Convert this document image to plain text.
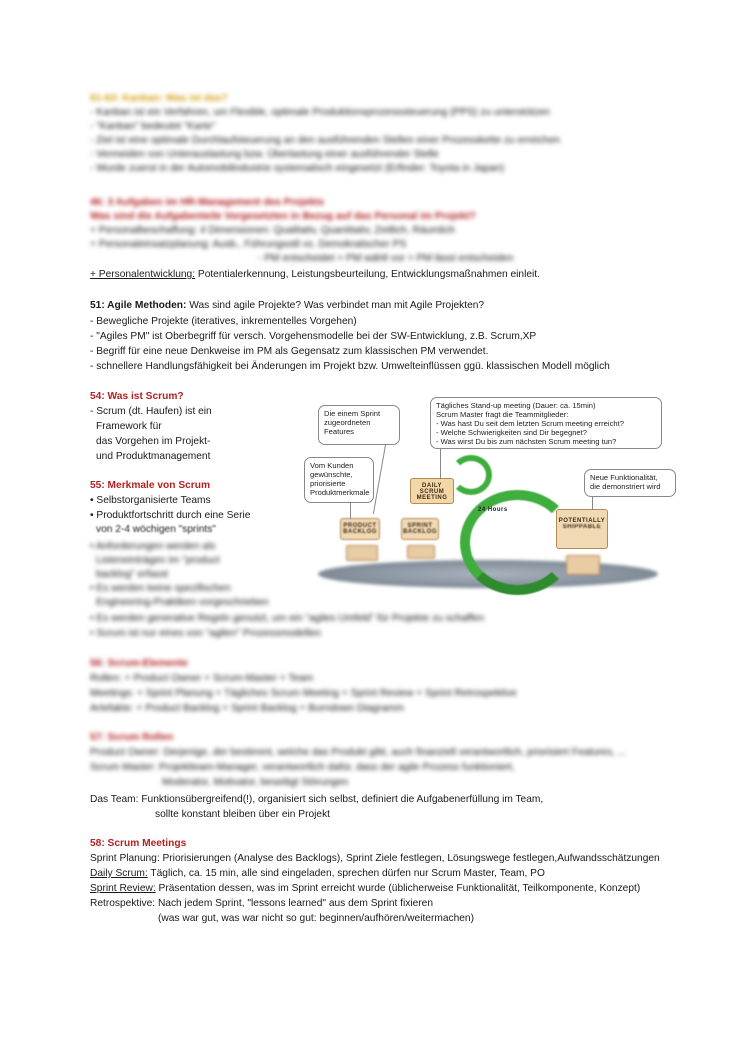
61-63: Kanban: Was ist das?
- Kanban ist ein Verfahren, um Flexible, optimale Produktionsprozesssteuerung (PPS) zu unterstützen
- "Kanban" bedeutet "Karte"
- Ziel ist eine optimale Durchlaufsteuerung an den ausführenden Stellen einer Prozesskette zu erreichen
- Vermeiden von Unterauslastung bzw. Überlastung einer ausführender Stelle
- Wurde zuerst in der Automobilindustrie systematisch eingesetzt (Erfinder: Toyota in Japan)
46: 3 Aufgaben im HR-Management des Projekts
Was sind die Aufgabenteile Vorgesetzten in Bezug auf das Personal im Projekt?
+ Personalbeschaffung: 4 Dimensionen: Qualitativ, Quantitativ, Zeitlich, Räumlich
+ Personaleinsatzplanung: Ausb., Führungsstil vs. Demokratischer PS
- PM entscheidet > PM wählt vor > PM lässt entscheiden
+ Personalentwicklung: Potentialerkennung, Leistungsbeurteilung, Entwicklungsmaßnahmen einleit.
51: Agile Methoden: Was sind agile Projekte? Was verbindet man mit Agile Projekten?
- Bewegliche Projekte (iteratives, inkrementelles Vorgehen)
- "Agiles PM" ist Oberbegriff für versch. Vorgehensmodelle bei der SW-Entwicklung, z.B. Scrum,XP
- Begriff für eine neue Denkweise im PM als Gegensatz zum klassischen PM verwendet.
- schnellere Handlungsfähigkeit bei Änderungen im Projekt bzw. Umwelteinflüssen ggü. klassischen Modell möglich
54: Was ist Scrum?
- Scrum (dt. Haufen) ist ein
Framework für
das Vorgehen im Projekt-
und Produktmanagement
55: Merkmale von Scrum
• Selbstorganisierte Teams
• Produktfortschritt durch eine Serie
von 2-4 wöchigen "sprints"
• Anforderungen werden als
Listeneinträgen im "product
backlog" erfasst
• Es werden keine spezifischen
Engineering-Praktiken vorgeschrieben
• Es werden generative Regeln genutzt, um ein "agiles Umfeld" für Projekte zu schaffen
• Scrum ist nur eines von "agilen" Prozessmodellen
56: Scrum-Elemente
Rollen: + Product Owner + Scrum-Master + Team
Meetings: + Sprint Planung + Tägliches Scrum Meeting + Sprint Review + Sprint Retrospektive
Artefakte: + Product Backlog + Sprint Backlog + Burndown Diagramm
57: Scrum Rollen
Product Owner: Derjenige, der bestimmt, welche das Produkt gibt, auch finanziell verantwortlich, priorisiert Features, ...
Scrum Master: Projektteam-Manager, verantwortlich dafür, dass der agile Prozess funktioniert,
Moderator, Motivator, beseitigt Störungen
Das Team: Funktionsübergreifend(!), organisiert sich selbst, definiert die Aufgabenerfüllung im Team,
sollte konstant bleiben über ein Projekt
58: Scrum Meetings
Sprint Planung: Priorisierungen (Analyse des Backlogs), Sprint Ziele festlegen, Lösungswege festlegen,Aufwandsschätzungen
Daily Scrum: Täglich, ca. 15 min, alle sind eingeladen, sprechen dürfen nur Scrum Master, Team, PO
Sprint Review: Präsentation dessen, was im Sprint erreicht wurde (üblicherweise Funktionalität, Teilkomponente, Konzept)
Retrospektive: Nach jedem Sprint, "lessons learned" aus dem Sprint fixieren
(was war gut, was war nicht so gut: beginnen/aufhören/weitermachen)
24 Hours
2-4 Weeks
PRODUCT
BACKLOG
SPRINT
BACKLOG
DAILY SCRUM
MEETING
POTENTIALLY
SHIPPABLE
Die einem Sprint
zugeordneten
Features
Vom Kunden
gewünschte,
priorisierte
Produktmerkmale
Tägliches Stand-up meeting (Dauer: ca. 15min)
Scrum Master fragt die Teammitglieder:
- Was hast Du seit dem letzten Scrum meeting erreicht?
- Welche Schwierigkeiten sind Dir begegnet?
- Was wirst Du bis zum nächsten Scrum meeting tun?
Neue Funktionalität,
die demonstriert wird
